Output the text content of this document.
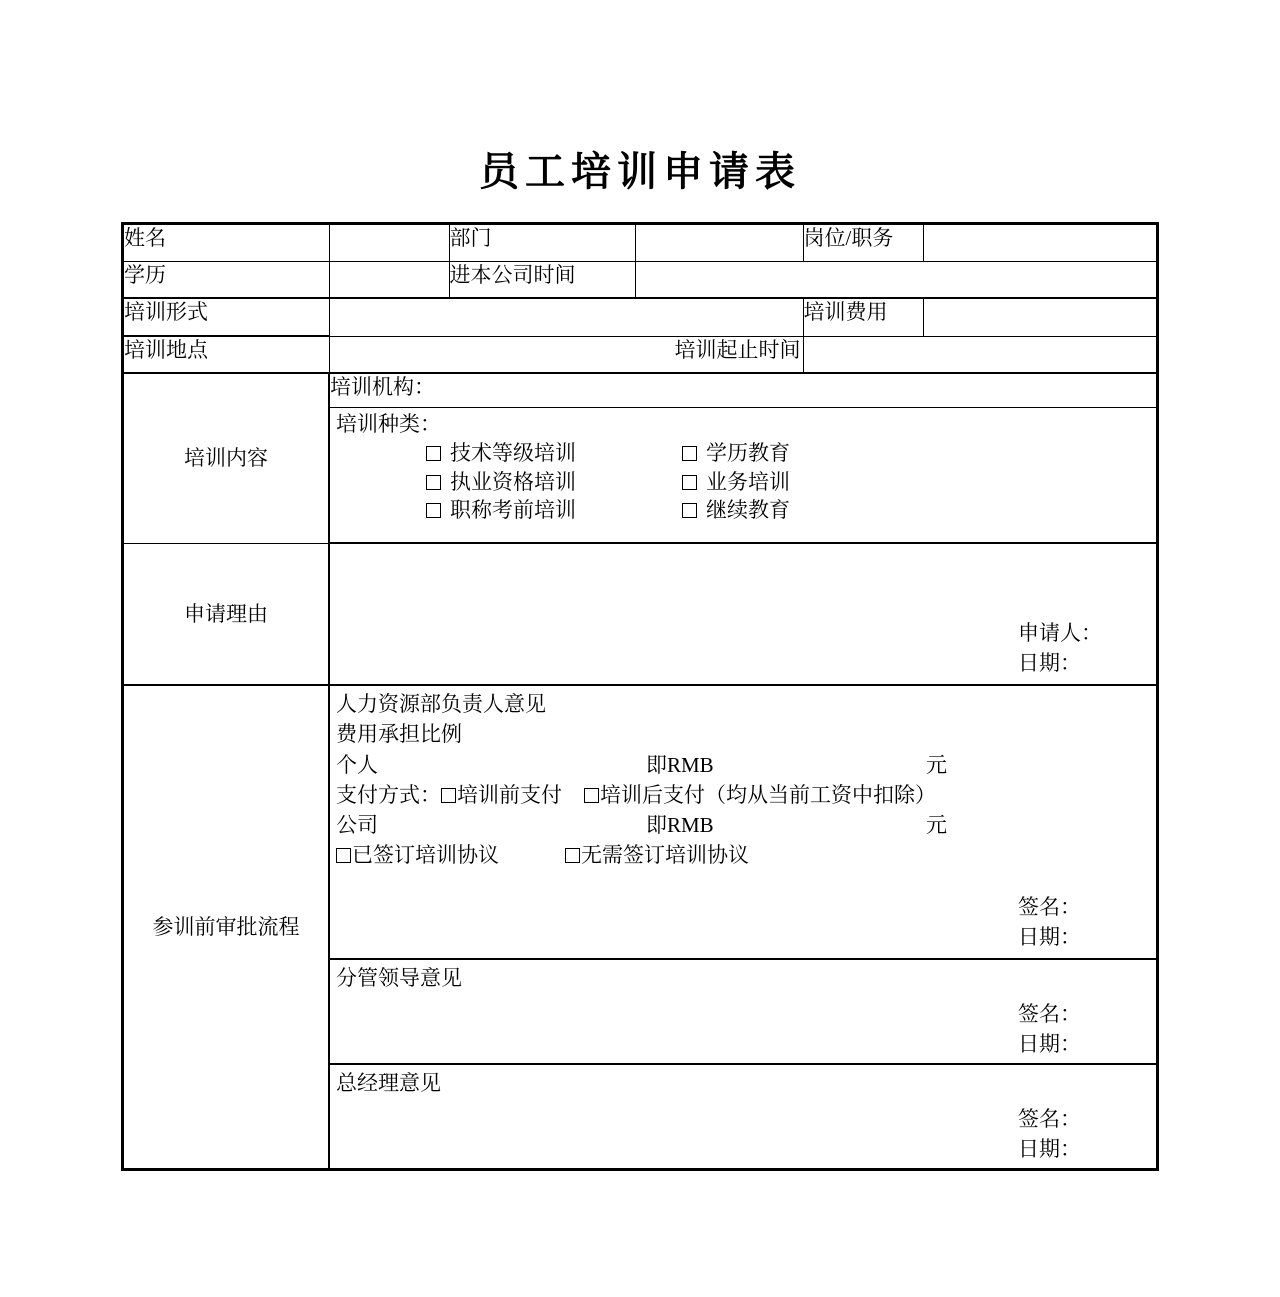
员工培训申请表
姓名		部门		岗位/职务	
学历		进本公司时间			
培训形式				培训费用	
培训地点	培训起止时间				

培训内容	培训机构：				

培训种类：
技术等级培训	学历教育
执业资格培训	业务培训
职称考前培训	继续教育

申请理由	申请人：
日期：				

参训前审批流程

人力资源部负责人意见
费用承担比例
个人	即RMB	元
支付方式： 培训前支付 培训后支付（均从当前工资中扣除）
公司	即RMB	元
已签订培训协议	无需签订培训协议
签名：
日期：

	分管领导意见
签名：
日期：				

	总经理意见
签名：
日期：				
